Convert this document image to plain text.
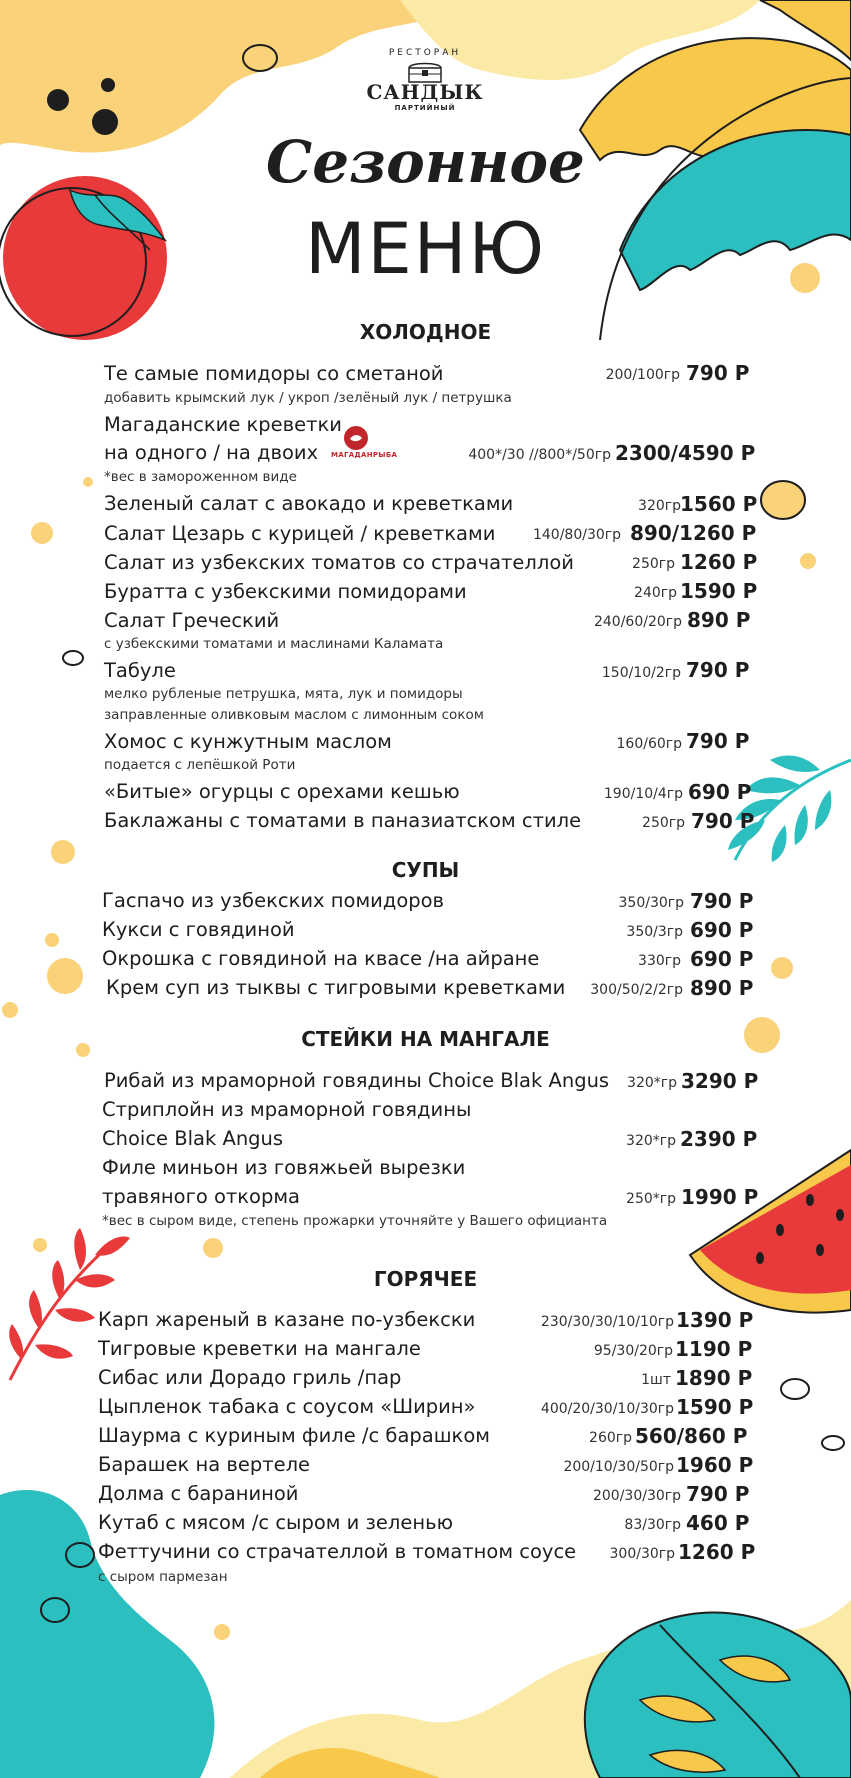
РЕСТОРАН
САНДЫК
ПАРТИЙНЫЙ
Сезонное
МЕНЮ
МАГАДАНРЫБА
ХОЛОДНОЕ
Те самые помидоры со сметаной	200/100гр 790 Р
добавить крымский лук / укроп /зелёный лук / петрушка
Магаданские креветки
на одного / на двоих	400*/30 //800*/50гр 2300/4590 Р
*вес в замороженном виде
Зеленый салат с авокадо и креветками	320гр 1560 Р
Салат Цезарь с курицей / креветками	140/80/30гр 890/1260 Р
Салат из узбекских томатов со страчателлой	250гр 1260 Р
Буратта с узбекскими помидорами	240гр 1590 Р
Салат Греческий	240/60/20гр 890 Р
с узбекскими томатами и маслинами Каламата
Табуле	150/10/2гр 790 Р
мелко рубленые петрушка, мята, лук и помидоры
заправленные оливковым маслом с лимонным соком
Хомос с кунжутным маслом	160/60гр 790 Р
подается с лепёшкой Роти
«Битые» огурцы с орехами кешью	190/10/4гр 690 Р
Баклажаны с томатами в паназиатском стиле	250гр 790 Р
СУПЫ
Гаспачо из узбекских помидоров	350/30гр 790 Р
Кукси с говядиной	350/3гр 690 Р
Окрошка с говядиной на квасе /на айране	330гр 690 Р
Крем суп из тыквы с тигровыми креветками 300/50/2/2гр 890 Р
СТЕЙКИ НА МАНГАЛЕ
Рибай из мраморной говядины Choice Blak Angus 320*гр 3290 Р
Стриплойн из мраморной говядины
Choice Blak Angus	320*гр 2390 Р
Филе миньон из говяжьей вырезки
травяного откорма	250*гр 1990 Р
*вес в сыром виде, степень прожарки уточняйте у Вашего официанта
ГОРЯЧЕЕ
Карп жареный в казане по-узбекски	230/30/30/10/10гр 1390 Р
Тигровые креветки на мангале	95/30/20гр 1190 Р
Сибас или Дорадо гриль /пар	1шт 1890 Р
Цыпленок табака с соусом «Ширин»	400/20/30/10/30гр 1590 Р
Шаурма с куриным филе /с барашком	260гр 560/860 Р
Барашек на вертеле	200/10/30/50гр 1960 Р
Долма с бараниной	200/30/30гр 790 Р
Кутаб с мясом /с сыром и зеленью	83/30гр 460 Р
Феттучини со страчателлой в томатном соусе 300/30гр 1260 Р
с сыром пармезан
